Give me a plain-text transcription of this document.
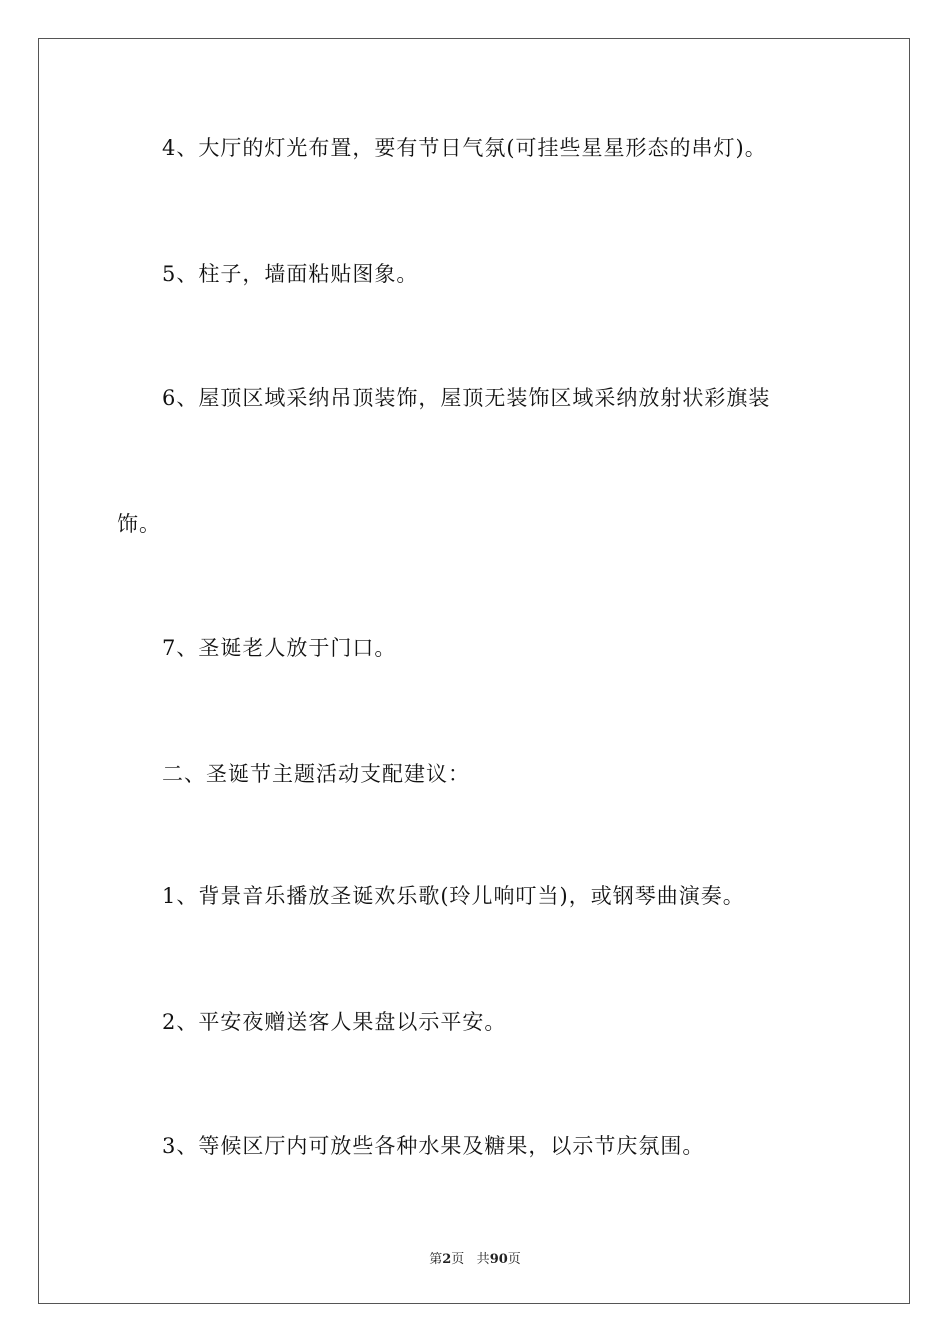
4、大厅的灯光布置，要有节日气氛(可挂些星星形态的串灯)。
5、柱子，墙面粘贴图象。
6、屋顶区域采纳吊顶装饰，屋顶无装饰区域采纳放射状彩旗装
饰。
7、圣诞老人放于门口。
二、圣诞节主题活动支配建议：
1、背景音乐播放圣诞欢乐歌(玲儿响叮当)，或钢琴曲演奏。
2、平安夜赠送客人果盘以示平安。
3、等候区厅内可放些各种水果及糖果，以示节庆氛围。
第2页 共90页
